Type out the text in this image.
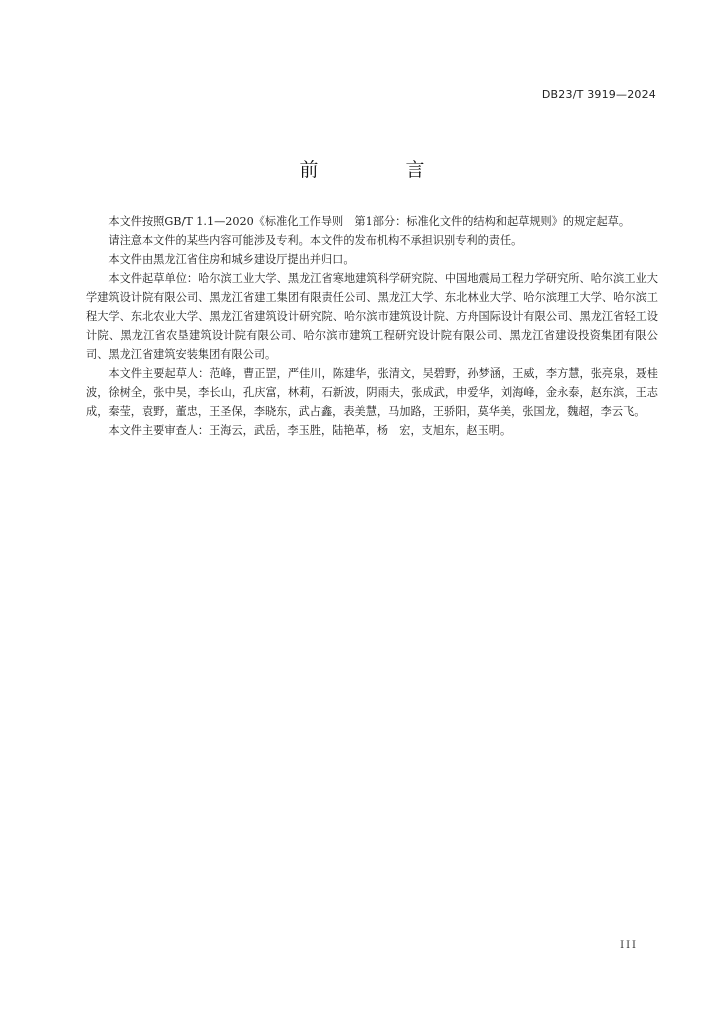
DB23/T 3919—2024
前　言

本文件按照GB/T 1.1—2020《标准化工作导则　第1部分：标准化文件的结构和起草规则》的规定起草。

请注意本文件的某些内容可能涉及专利。本文件的发布机构不承担识别专利的责任。

本文件由黑龙江省住房和城乡建设厅提出并归口。

本文件起草单位：哈尔滨工业大学、黑龙江省寒地建筑科学研究院、中国地震局工程力学研究所、哈尔滨工业大学建筑设计院有限公司、黑龙江省建工集团有限责任公司、黑龙江大学、东北林业大学、哈尔滨理工大学、哈尔滨工程大学、东北农业大学、黑龙江省建筑设计研究院、哈尔滨市建筑设计院、方舟国际设计有限公司、黑龙江省轻工设计院、黑龙江省农垦建筑设计院有限公司、哈尔滨市建筑工程研究设计院有限公司、黑龙江省建设投资集团有限公司、黑龙江省建筑安装集团有限公司。

本文件主要起草人：范峰，曹正罡，严佳川，陈建华，张清文，吴碧野，孙梦涵，王威，李方慧，张亮泉，聂桂波，徐树全，张中昊，李长山，孔庆富，林莉，石新波，阴雨夫，张成武，申爱华，刘海峰，金永泰，赵东滨，王志成，秦莹，袁野，董忠，王圣保，李晓东，武占鑫，表美慧，马加路，王骄阳，莫华美，张国龙，魏超，李云飞。

本文件主要审查人：王海云，武岳，李玉胜，陆艳革，杨　宏，支旭东，赵玉明。

III
